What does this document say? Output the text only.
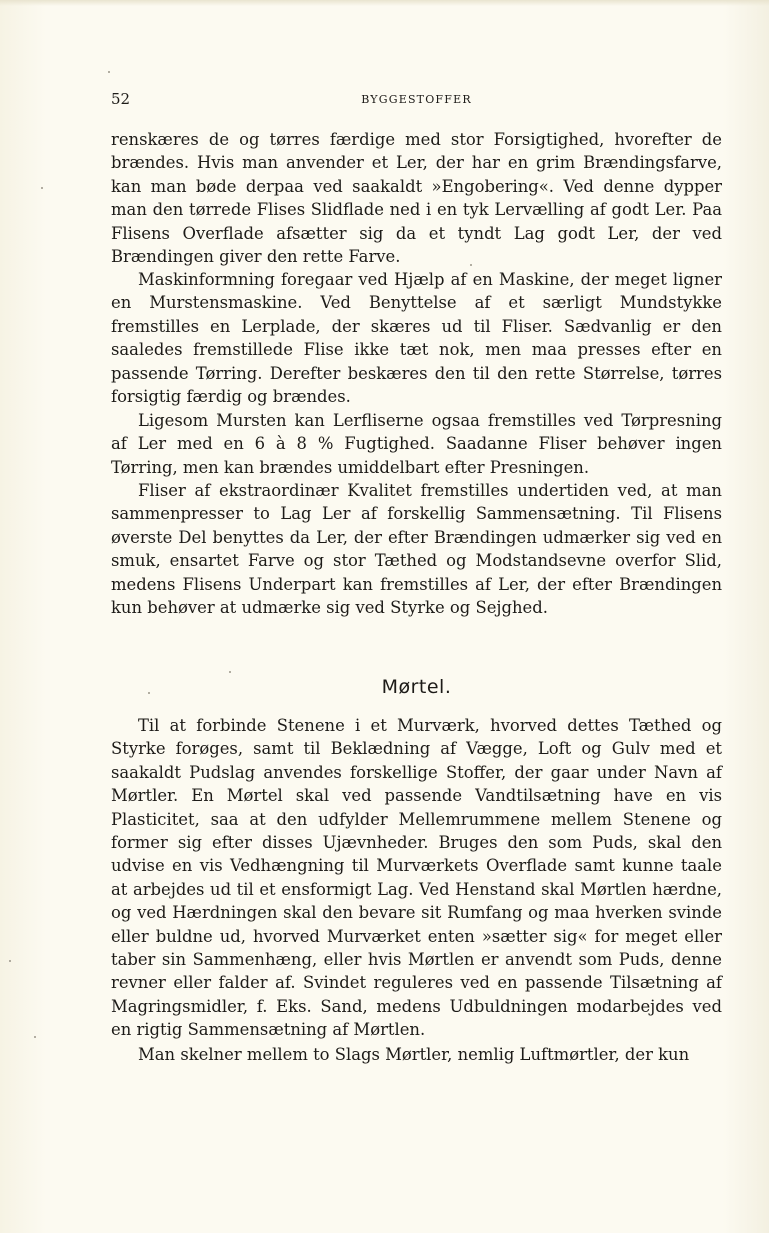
52	BYGGESTOFFER

renskæres de og tørres færdige med stor Forsigtighed, hvorefter de brændes. Hvis man anvender et Ler, der har en grim Brændingsfarve, kan man bøde derpaa ved saakaldt »Engobering«. Ved denne dypper man den tørrede Flises Slidflade ned i en tyk Lervælling af godt Ler. Paa Flisens Overflade afsætter sig da et tyndt Lag godt Ler, der ved Brændingen giver den rette Farve.

Maskinformning foregaar ved Hjælp af en Maskine, der meget ligner en Murstensmaskine. Ved Benyttelse af et særligt Mundstykke fremstilles en Lerplade, der skæres ud til Fliser. Sædvanlig er den saaledes fremstillede Flise ikke tæt nok, men maa presses efter en passende Tørring. Derefter beskæres den til den rette Størrelse, tørres forsigtig færdig og brændes.

Ligesom Mursten kan Lerfliserne ogsaa fremstilles ved Tørpresning af Ler med en 6 à 8 % Fugtighed. Saadanne Fliser behøver ingen Tørring, men kan brændes umiddelbart efter Presningen.

Fliser af ekstraordinær Kvalitet fremstilles undertiden ved, at man sammenpresser to Lag Ler af forskellig Sammensætning. Til Flisens øverste Del benyttes da Ler, der efter Brændingen udmærker sig ved en smuk, ensartet Farve og stor Tæthed og Modstandsevne overfor Slid, medens Flisens Underpart kan fremstilles af Ler, der efter Brændingen kun behøver at udmærke sig ved Styrke og Sejghed.

Mørtel.

Til at forbinde Stenene i et Murværk, hvorved dettes Tæthed og Styrke forøges, samt til Beklædning af Vægge, Loft og Gulv med et saakaldt Pudslag anvendes forskellige Stoffer, der gaar under Navn af Mørtler. En Mørtel skal ved passende Vandtilsætning have en vis Plasticitet, saa at den udfylder Mellemrummene mellem Stenene og former sig efter disses Ujævnheder. Bruges den som Puds, skal den udvise en vis Vedhængning til Murværkets Overflade samt kunne taale at arbejdes ud til et ensformigt Lag. Ved Henstand skal Mørtlen hærdne, og ved Hærdningen skal den bevare sit Rumfang og maa hverken svinde eller buldne ud, hvorved Murværket enten »sætter sig« for meget eller taber sin Sammenhæng, eller hvis Mørtlen er anvendt som Puds, denne revner eller falder af. Svindet reguleres ved en passende Tilsætning af Magringsmidler, f. Eks. Sand, medens Udbuldningen modarbejdes ved en rigtig Sammensætning af Mørtlen.

Man skelner mellem to Slags Mørtler, nemlig Luftmørtler, der kun
